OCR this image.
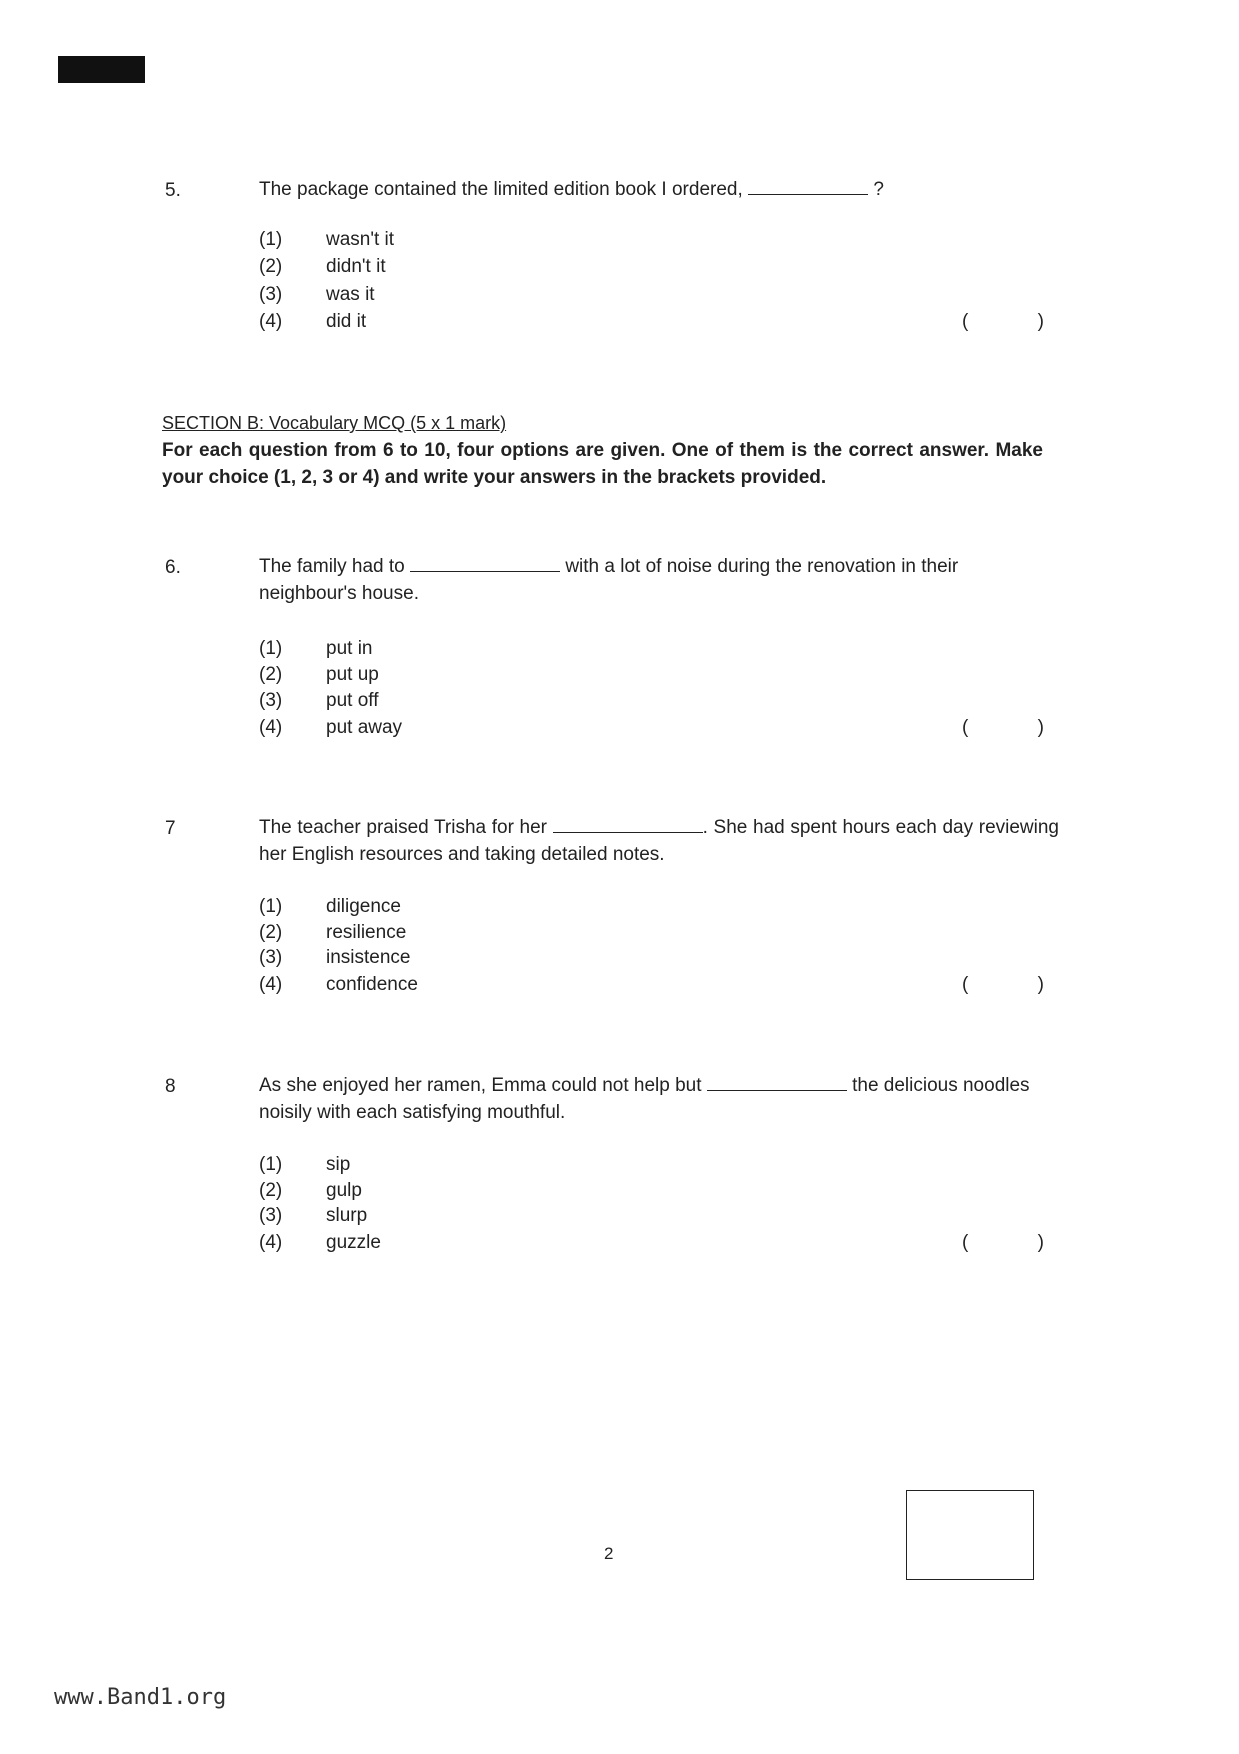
5.	The package contained the limited edition book I ordered,	?
(1) wasn't it
(2) didn't it
(3) was it
(4) did it	(	)
SECTION B: Vocabulary MCQ (5 x 1 mark)
For each question from 6 to 10, four options are given. One of them is the correct answer. Make your choice (1, 2, 3 or 4) and write your answers in the brackets provided.
6.	The family had to	with a lot of noise during the renovation in their neighbour's house.
(1) put in
(2) put up
(3) put off
(4) put away	(	)
7	The teacher praised Trisha for her	. She had spent hours each day reviewing her English resources and taking detailed notes.
(1) diligence
(2) resilience
(3) insistence
(4) confidence	(	)
8	As she enjoyed her ramen, Emma could not help but	the delicious noodles noisily with each satisfying mouthful.
(1) sip
(2) gulp
(3) slurp
(4) guzzle	(	)
2
www.Band1.org
